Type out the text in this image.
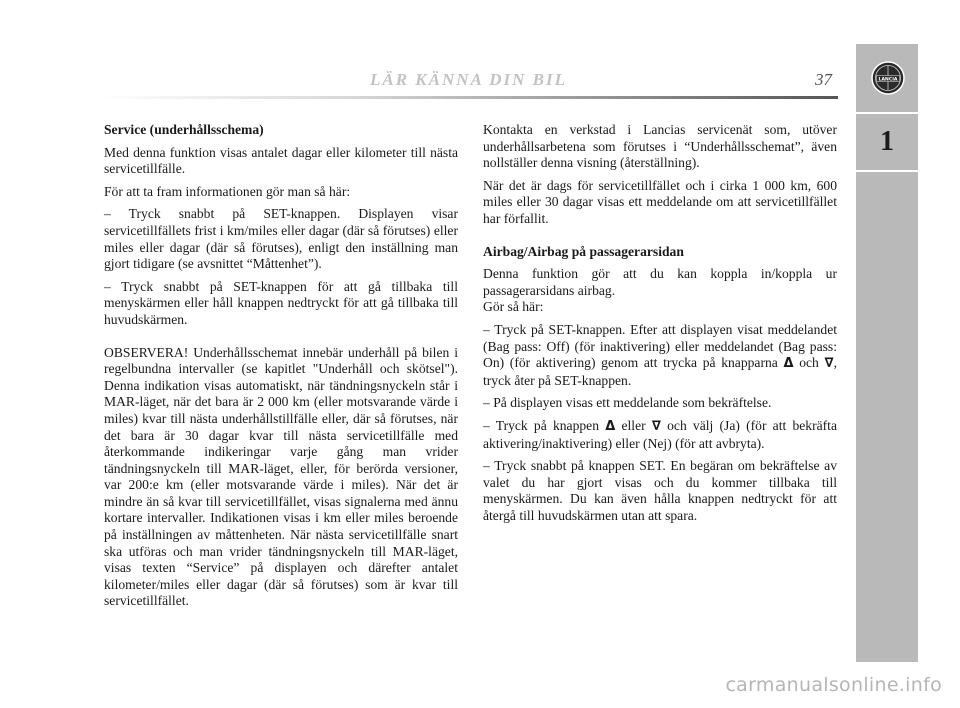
LÄR KÄNNA DIN BIL	37	LANCIA
1
Service (underhållsschema)

Med denna funktion visas antalet dagar eller kilometer till nästa servicetillfälle.

För att ta fram informationen gör man så här:

– Tryck snabbt på SET-knappen. Displayen visar servicetillfällets frist i km/miles eller dagar (där så förutses) eller miles eller dagar (där så förutses), enligt den inställning man gjort tidigare (se avsnittet “Måttenhet”).

– Tryck snabbt på SET-knappen för att gå tillbaka till menyskärmen eller håll knappen nedtryckt för att gå tillbaka till huvudskärmen.

OBSERVERA! Underhållsschemat innebär underhåll på bilen i regelbundna intervaller (se kapitlet "Underhåll och skötsel"). Denna indikation visas automatiskt, när tändningsnyckeln står i MAR-läget, när det bara är 2 000 km (eller motsvarande värde i miles) kvar till nästa underhållstillfälle eller, där så förutses, när det bara är 30 dagar kvar till nästa servicetillfälle med återkommande indikeringar varje gång man vrider tändningsnyckeln till MAR-läget, eller, för berörda versioner, var 200:e km (eller motsvarande värde i miles). När det är mindre än så kvar till servicetillfället, visas signalerna med ännu kortare intervaller. Indikationen visas i km eller miles beroende på inställningen av måttenheten. När nästa servicetillfälle snart ska utföras och man vrider tändningsnyckeln till MAR-läget, visas texten “Service” på displayen och därefter antalet kilometer/miles eller dagar (där så förutses) som är kvar till servicetillfället.

Kontakta en verkstad i Lancias servicenät som, utöver underhållsarbetena som förutses i “Underhållsschemat”, även nollställer denna visning (återställning).

När det är dags för servicetillfället och i cirka 1 000 km, 600 miles eller 30 dagar visas ett meddelande om att servicetillfället har förfallit.

Airbag/Airbag på passagerarsidan

Denna funktion gör att du kan koppla in/koppla ur passagerarsidans airbag.

Gör så här:

– Tryck på SET-knappen. Efter att displayen visat meddelandet (Bag pass: Off) (för inaktivering) eller meddelandet (Bag pass: On) (för aktivering) genom att trycka på knapparna Δ och ∇, tryck åter på SET-knappen.

– På displayen visas ett meddelande som bekräftelse.

– Tryck på knappen Δ eller ∇ och välj (Ja) (för att bekräfta aktivering/inaktivering) eller (Nej) (för att avbryta).

– Tryck snabbt på knappen SET. En begäran om bekräftelse av valet du har gjort visas och du kommer tillbaka till menyskärmen. Du kan även hålla knappen nedtryckt för att återgå till huvudskärmen utan att spara.

carmanualsonline.info
